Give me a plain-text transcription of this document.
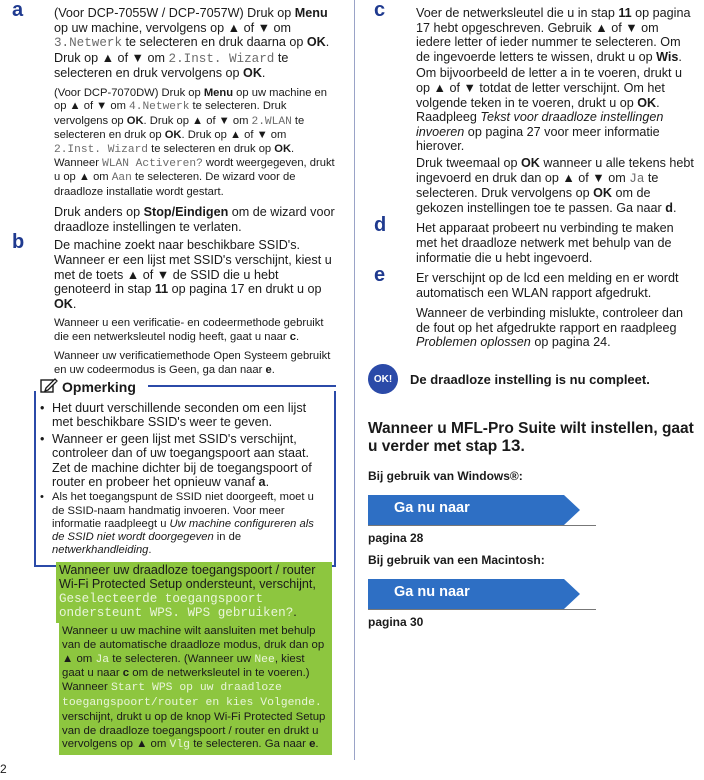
a (Voor DCP-7055W / DCP-7057W) Druk op Menu op uw machine, vervolgens op ▲ of ▼ om 3.Netwerk te selecteren en druk daarna op OK. Druk op ▲ of ▼ om 2.Inst. Wizard te selecteren en druk vervolgens op OK.

(Voor DCP-7070DW) Druk op Menu op uw machine en op ▲ of ▼ om 4.Netwerk te selecteren. Druk vervolgens op OK. Druk op ▲ of ▼ om 2.WLAN te selecteren en druk op OK. Druk op ▲ of ▼ om 2.Inst. Wizard te selecteren en druk op OK. Wanneer WLAN Activeren? wordt weergegeven, drukt u op ▲ om Aan te selecteren. De wizard voor de draadloze installatie wordt gestart.

Druk anders op Stop/Eindigen om de wizard voor draadloze instellingen te verlaten.

b De machine zoekt naar beschikbare SSID's. Wanneer er een lijst met SSID's verschijnt, kiest u met de toets ▲ of ▼ de SSID die u hebt genoteerd in stap 11 op pagina 17 en drukt u op OK.

Wanneer u een verificatie- en codeermethode gebruikt die een netwerksleutel nodig heeft, gaat u naar c.

Wanneer uw verificatiemethode Open Systeem gebruikt en uw codeermodus is Geen, ga dan naar e.

Opmerking
• Het duurt verschillende seconden om een lijst met beschikbare SSID's weer te geven.
• Wanneer er geen lijst met SSID's verschijnt, controleer dan of uw toegangspoort aan staat. Zet de machine dichter bij de toegangspoort of router en probeer het opnieuw vanaf a.
• Als het toegangspunt de SSID niet doorgeeft, moet u de SSID-naam handmatig invoeren. Voor meer informatie raadpleegt u Uw machine configureren als de SSID niet wordt doorgegeven in de netwerkhandleiding.
Wanneer uw draadloze toegangspoort / router Wi-Fi Protected Setup ondersteunt, verschijnt, Geselecteerde toegangspoort ondersteunt WPS. WPS gebruiken?.
Wanneer u uw machine wilt aansluiten met behulp van de automatische draadloze modus, druk dan op ▲ om Ja te selecteren. (Wanneer uw Nee, kiest gaat u naar c om de netwerksleutel in te voeren.) Wanneer Start WPS op uw draadloze toegangspoort/router en kies Volgende. verschijnt, drukt u op de knop Wi-Fi Protected Setup van de draadloze toegangspoort / router en drukt u vervolgens op ▲ om Vlg te selecteren. Ga naar e.
2
c Voer de netwerksleutel die u in stap 11 op pagina 17 hebt opgeschreven. Gebruik ▲ of ▼ om iedere letter of ieder nummer te selecteren. Om de ingevoerde letters te wissen, drukt u op Wis.

Om bijvoorbeeld de letter a in te voeren, drukt u op ▲ of ▼ totdat de letter verschijnt. Om het volgende teken in te voeren, drukt u op OK. Raadpleeg Tekst voor draadloze instellingen invoeren op pagina 27 voor meer informatie hierover.

Druk tweemaal op OK wanneer u alle tekens hebt ingevoerd en druk dan op ▲ of ▼ om Ja te selecteren. Druk vervolgens op OK om de gekozen instellingen toe te passen. Ga naar d.

d Het apparaat probeert nu verbinding te maken met het draadloze netwerk met behulp van de informatie die u hebt ingevoerd.

e Er verschijnt op de lcd een melding en er wordt automatisch een WLAN rapport afgedrukt.

Wanneer de verbinding mislukte, controleer dan de fout op het afgedrukte rapport en raadpleeg Problemen oplossen op pagina 24.

OK!	De draadloze instelling is nu compleet.
Wanneer u MFL-Pro Suite wilt instellen, gaat u verder met stap 13.
Bij gebruik van Windows®:
Ga nu naar
pagina 28
Bij gebruik van een Macintosh:
Ga nu naar
pagina 30
